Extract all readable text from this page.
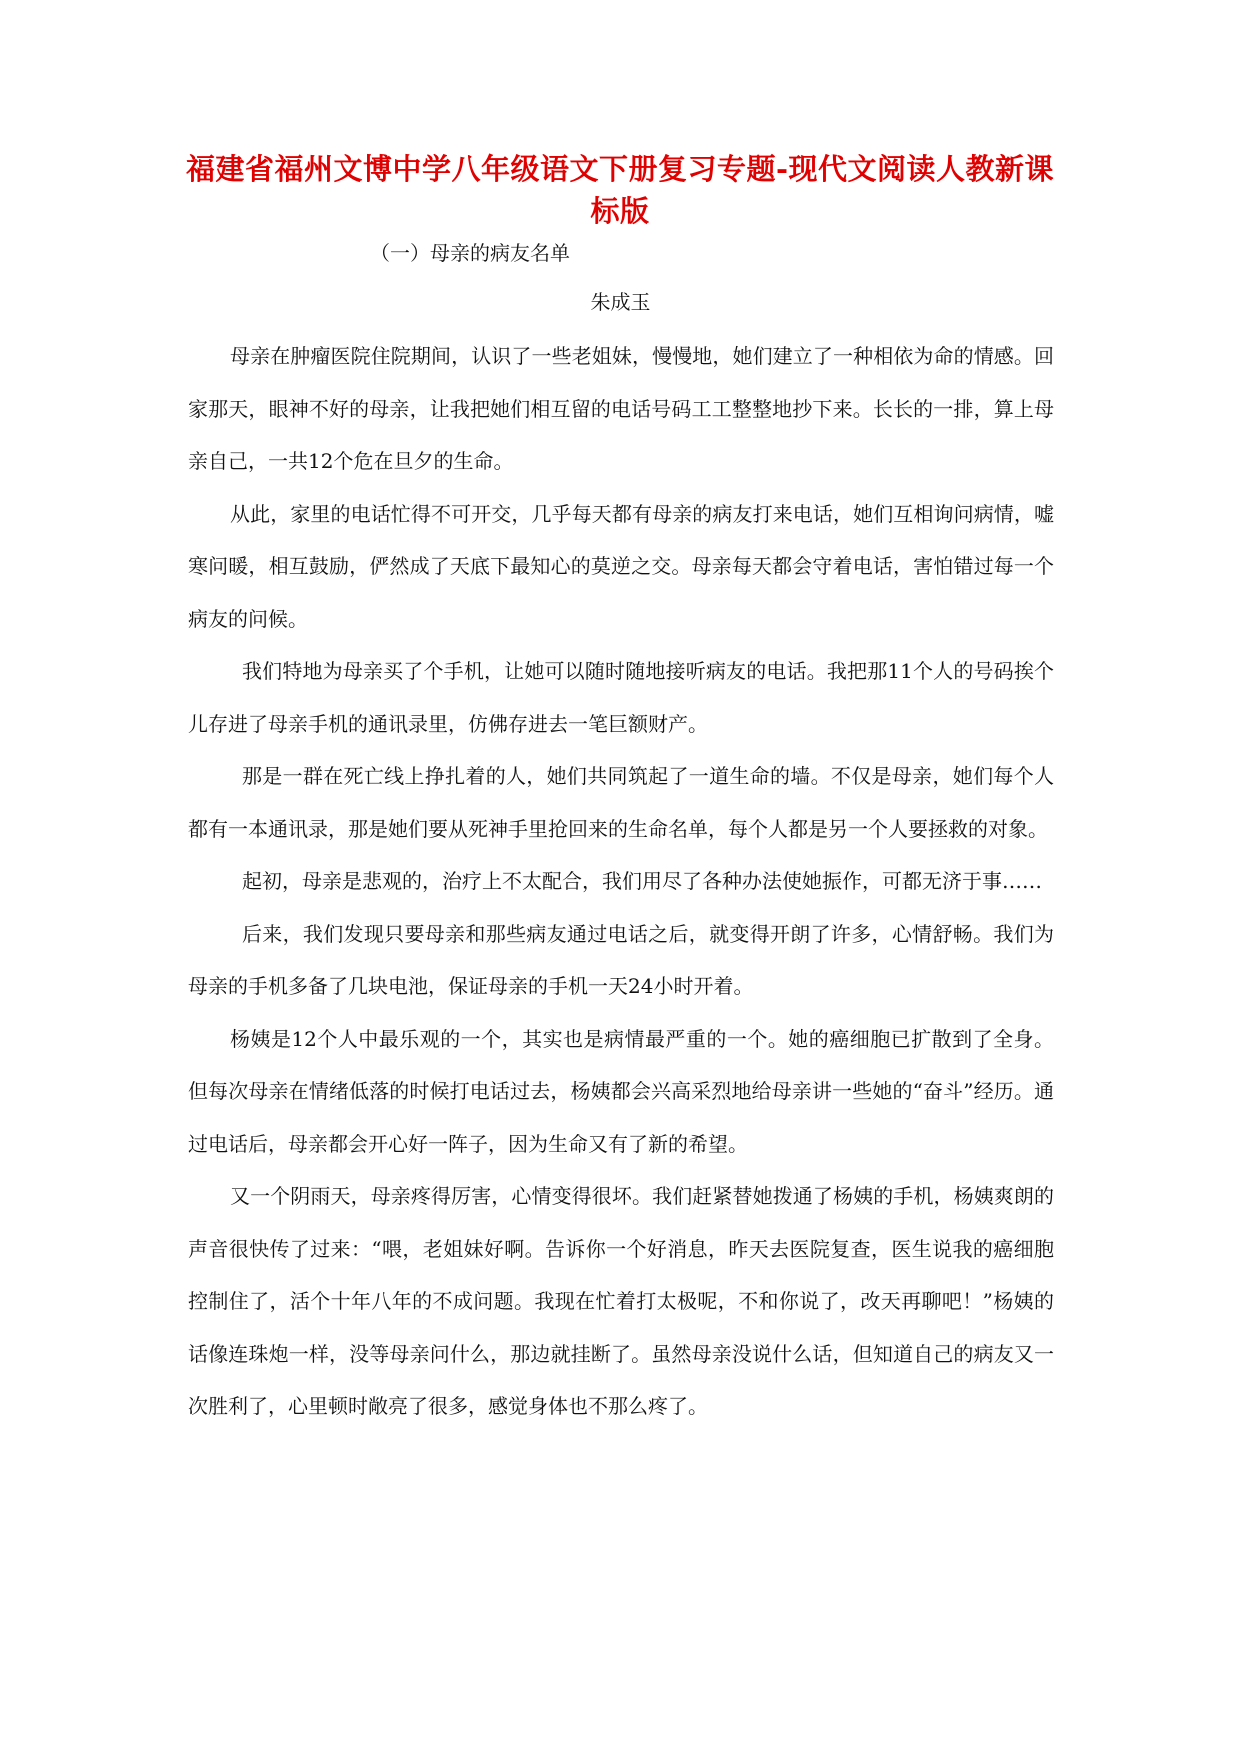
福建省福州文博中学八年级语文下册复习专题-现代文阅读人教新课标版
（一）母亲的病友名单
朱成玉

母亲在肿瘤医院住院期间，认识了一些老姐妹，慢慢地，她们建立了一种相依为命的情感。回家那天，眼神不好的母亲，让我把她们相互留的电话号码工工整整地抄下来。长长的一排，算上母亲自己，一共12个危在旦夕的生命。

从此，家里的电话忙得不可开交，几乎每天都有母亲的病友打来电话，她们互相询问病情，嘘寒问暖，相互鼓励，俨然成了天底下最知心的莫逆之交。母亲每天都会守着电话，害怕错过每一个病友的问候。

我们特地为母亲买了个手机，让她可以随时随地接听病友的电话。我把那11个人的号码挨个儿存进了母亲手机的通讯录里，仿佛存进去一笔巨额财产。

那是一群在死亡线上挣扎着的人，她们共同筑起了一道生命的墙。不仅是母亲，她们每个人都有一本通讯录，那是她们要从死神手里抢回来的生命名单，每个人都是另一个人要拯救的对象。

起初，母亲是悲观的，治疗上不太配合，我们用尽了各种办法使她振作，可都无济于事……

后来，我们发现只要母亲和那些病友通过电话之后，就变得开朗了许多，心情舒畅。我们为母亲的手机多备了几块电池，保证母亲的手机一天24小时开着。

杨姨是12个人中最乐观的一个，其实也是病情最严重的一个。她的癌细胞已扩散到了全身。但每次母亲在情绪低落的时候打电话过去，杨姨都会兴高采烈地给母亲讲一些她的“奋斗”经历。通过电话后，母亲都会开心好一阵子，因为生命又有了新的希望。

又一个阴雨天，母亲疼得厉害，心情变得很坏。我们赶紧替她拨通了杨姨的手机，杨姨爽朗的声音很快传了过来：“喂，老姐妹好啊。告诉你一个好消息，昨天去医院复查，医生说我的癌细胞控制住了，活个十年八年的不成问题。我现在忙着打太极呢，不和你说了，改天再聊吧！”杨姨的话像连珠炮一样，没等母亲问什么，那边就挂断了。虽然母亲没说什么话，但知道自己的病友又一次胜利了，心里顿时敞亮了很多，感觉身体也不那么疼了。
